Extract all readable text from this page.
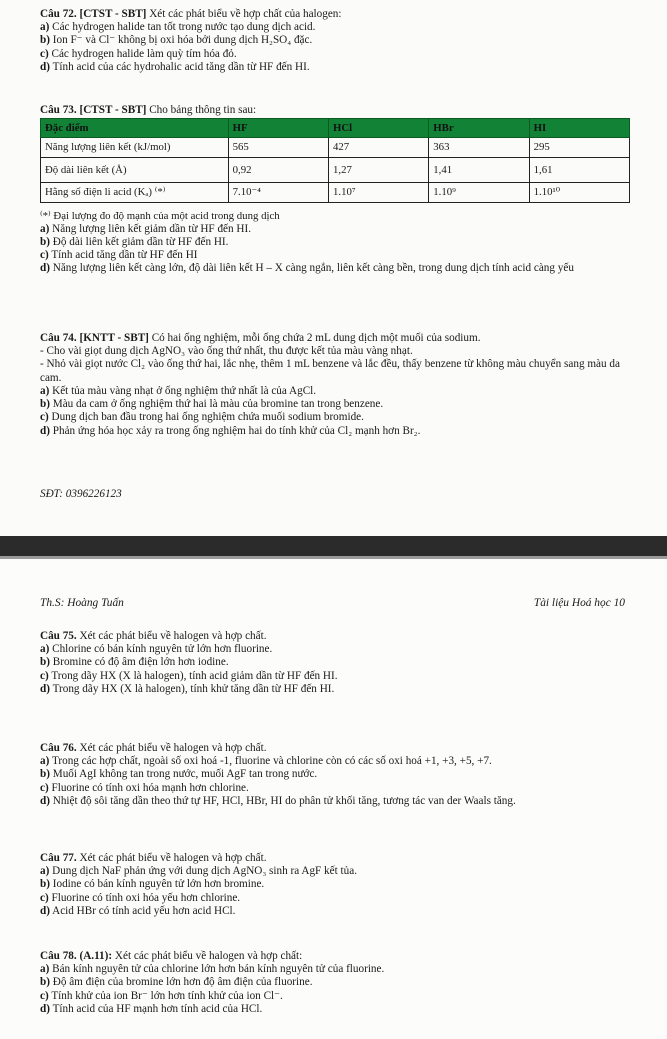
Câu 72. [CTST - SBT] Xét các phát biểu về hợp chất của halogen:

a) Các hydrogen halide tan tốt trong nước tạo dung dịch acid.

b) Ion F⁻ và Cl⁻ không bị oxi hóa bởi dung dịch H₂SO₄ đặc.

c) Các hydrogen halide làm quỳ tím hóa đỏ.

d) Tính acid của các hydrohalic acid tăng dần từ HF đến HI.

Câu 73. [CTST - SBT] Cho bảng thông tin sau:

Đặc điểm	HF	HCl	HBr	HI
Năng lượng liên kết (kJ/mol)	565	427	363	295
Độ dài liên kết (Å)	0,92	1,27	1,41	1,61
Hằng số điện li acid (Kₐ) ⁽*⁾	7.10⁻⁴	1.10⁷	1.10⁹	1.10¹⁰

⁽*⁾ Đại lượng đo độ mạnh của một acid trong dung dịch

a) Năng lượng liên kết giảm dần từ HF đến HI.

b) Độ dài liên kết giảm dần từ HF đến HI.

c) Tính acid tăng dần từ HF đến HI

d) Năng lượng liên kết càng lớn, độ dài liên kết H – X càng ngắn, liên kết càng bền, trong dung dịch tính acid càng yếu

Câu 74. [KNTT - SBT] Có hai ống nghiệm, mỗi ống chứa 2 mL dung dịch một muối của sodium.

- Cho vài giọt dung dịch AgNO₃ vào ống thứ nhất, thu được kết tủa màu vàng nhạt.

- Nhỏ vài giọt nước Cl₂ vào ống thứ hai, lắc nhẹ, thêm 1 mL benzene và lắc đều, thấy benzene từ không màu chuyển sang màu da cam.

a) Kết tủa màu vàng nhạt ở ống nghiệm thứ nhất là của AgCl.

b) Màu da cam ở ống nghiệm thứ hai là màu của bromine tan trong benzene.

c) Dung dịch ban đầu trong hai ống nghiệm chứa muối sodium bromide.

d) Phản ứng hóa học xảy ra trong ống nghiệm hai do tính khử của Cl₂ mạnh hơn Br₂.

SĐT: 0396226123
Th.S: Hoàng Tuấn	Tài liệu Hoá học 10

Câu 75. Xét các phát biểu về halogen và hợp chất.

a) Chlorine có bán kính nguyên tử lớn hơn fluorine.

b) Bromine có độ âm điện lớn hơn iodine.

c) Trong dãy HX (X là halogen), tính acid giảm dần từ HF đến HI.

d) Trong dãy HX (X là halogen), tính khử tăng dần từ HF đến HI.

Câu 76. Xét các phát biểu về halogen và hợp chất.

a) Trong các hợp chất, ngoài số oxi hoá -1, fluorine và chlorine còn có các số oxi hoá +1, +3, +5, +7.

b) Muối AgI không tan trong nước, muối AgF tan trong nước.

c) Fluorine có tính oxi hóa mạnh hơn chlorine.

d) Nhiệt độ sôi tăng dần theo thứ tự HF, HCl, HBr, HI do phân tử khối tăng, tương tác van der Waals tăng.

Câu 77. Xét các phát biểu về halogen và hợp chất.

a) Dung dịch NaF phản ứng với dung dịch AgNO₃ sinh ra AgF kết tủa.

b) Iodine có bán kính nguyên tử lớn hơn bromine.

c) Fluorine có tính oxi hóa yếu hơn chlorine.

d) Acid HBr có tính acid yếu hơn acid HCl.

Câu 78. (A.11): Xét các phát biểu về halogen và hợp chất:

a) Bán kính nguyên tử của chlorine lớn hơn bán kính nguyên tử của fluorine.

b) Độ âm điện của bromine lớn hơn độ âm điện của fluorine.

c) Tính khử của ion Br⁻ lớn hơn tính khử của ion Cl⁻.

d) Tính acid của HF mạnh hơn tính acid của HCl.
